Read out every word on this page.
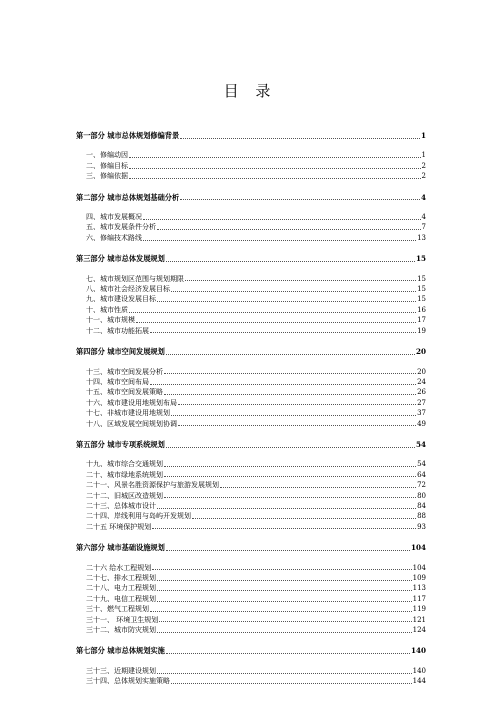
目 录
第一部分 城市总体规划修编背景	1
一、修编动因	1
二、修编目标	2
三、修编依据	2
第二部分 城市总体规划基础分析	4
四、城市发展概况	4
五、城市发展条件分析	7
六、修编技术路线	13
第三部分 城市总体发展规划	15
七、城市规划区范围与规划期限	15
八、城市社会经济发展目标	15
九、城市建设发展目标	15
十、城市性质	16
十一、城市规模	17
十二、城市功能拓展	19
第四部分 城市空间发展规划	20
十三、城市空间发展分析	20
十四、城市空间布局	24
十五、城市空间发展策略	26
十六、城市建设用地规划布局	27
十七、非城市建设用地规划	37
十八、区域发展空间规划协调	49
第五部分 城市专项系统规划	54
十九、城市综合交通规划	54
二十、城市绿地系统规划	64
二十一、风景名胜资源保护与旅游发展规划	72
二十二、旧城区改造规划	80
二十三、总体城市设计	84
二十四、岸线利用与岛屿开发规划	88
二十五 环境保护规划	93
第六部分 城市基础设施规划	104
二十六 给水工程规划	104
二十七、排水工程规划	109
二十八、电力工程规划	113
二十九、电信工程规划	117
三十、燃气工程规划	119
三十一、 环境卫生规划	121
三十二、城市防灾规划	124
第七部分 城市总体规划实施	140
三十三、近期建设规划	140
三十四、总体规划实施策略	144
